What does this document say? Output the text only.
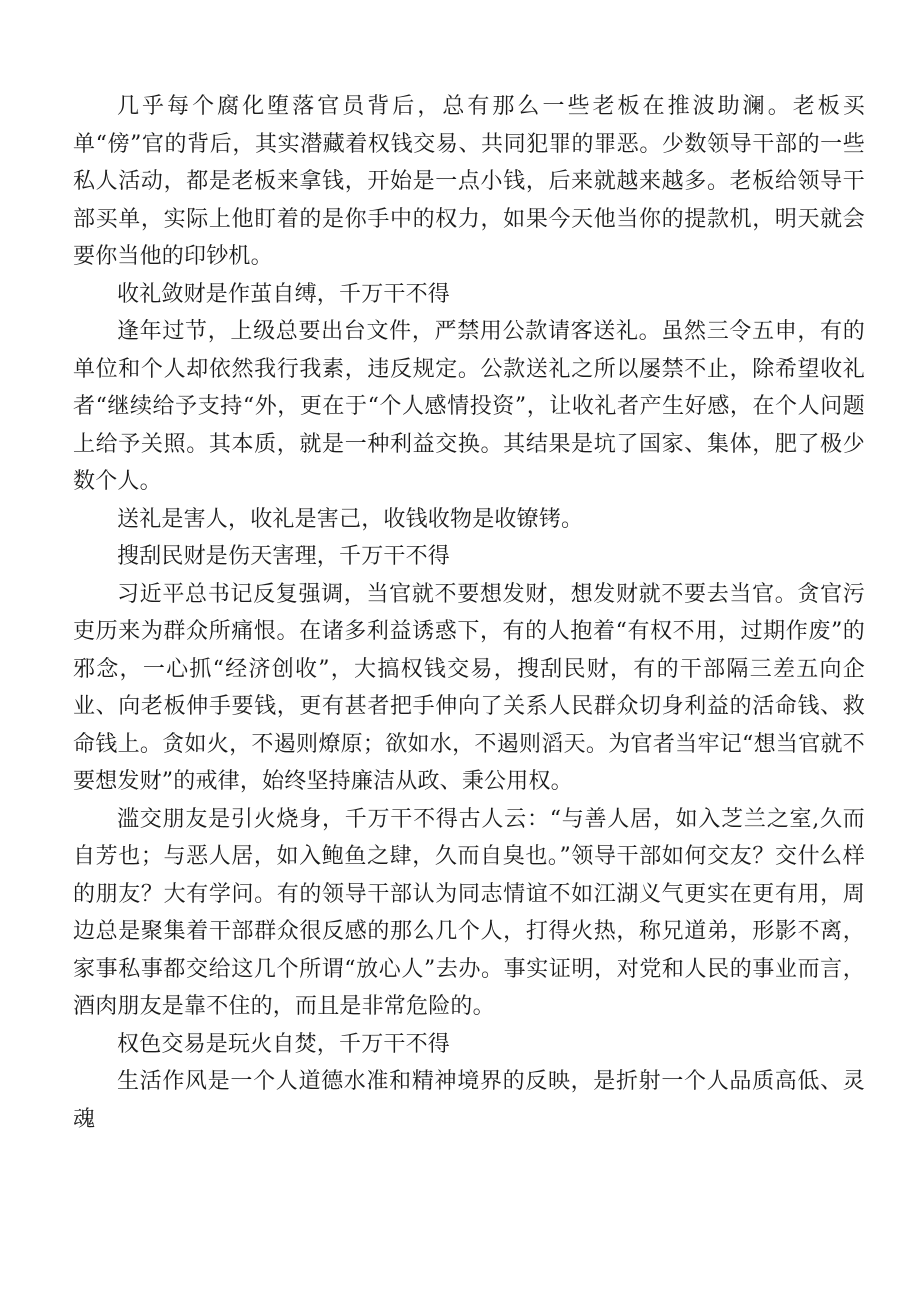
几乎每个腐化堕落官员背后，总有那么一些老板在推波助澜。老板买单“傍”官的背后，其实潜藏着权钱交易、共同犯罪的罪恶。少数领导干部的一些私人活动，都是老板来拿钱，开始是一点小钱，后来就越来越多。老板给领导干部买单，实际上他盯着的是你手中的权力，如果今天他当你的提款机，明天就会要你当他的印钞机。

收礼敛财是作茧自缚，千万干不得

逢年过节，上级总要出台文件，严禁用公款请客送礼。虽然三令五申，有的单位和个人却依然我行我素，违反规定。公款送礼之所以屡禁不止，除希望收礼者“继续给予支持“外，更在于“个人感情投资”，让收礼者产生好感，在个人问题上给予关照。其本质，就是一种利益交换。其结果是坑了国家、集体，肥了极少数个人。

送礼是害人，收礼是害己，收钱收物是收镣铐。

搜刮民财是伤天害理，千万干不得

习近平总书记反复强调，当官就不要想发财，想发财就不要去当官。贪官污吏历来为群众所痛恨。在诸多利益诱惑下，有的人抱着“有权不用，过期作废”的邪念，一心抓“经济创收”，大搞权钱交易，搜刮民财，有的干部隔三差五向企业、向老板伸手要钱，更有甚者把手伸向了关系人民群众切身利益的活命钱、救命钱上。贪如火，不遏则燎原；欲如水，不遏则滔天。为官者当牢记“想当官就不要想发财”的戒律，始终坚持廉洁从政、秉公用权。

滥交朋友是引火烧身，千万干不得古人云：“与善人居，如入芝兰之室,久而自芳也；与恶人居，如入鲍鱼之肆，久而自臭也。”领导干部如何交友？交什么样的朋友？大有学问。有的领导干部认为同志情谊不如江湖义气更实在更有用，周边总是聚集着干部群众很反感的那么几个人，打得火热，称兄道弟，形影不离，家事私事都交给这几个所谓“放心人”去办。事实证明，对党和人民的事业而言，酒肉朋友是靠不住的，而且是非常危险的。

权色交易是玩火自焚，千万干不得

生活作风是一个人道德水准和精神境界的反映，是折射一个人品质高低、灵魂
